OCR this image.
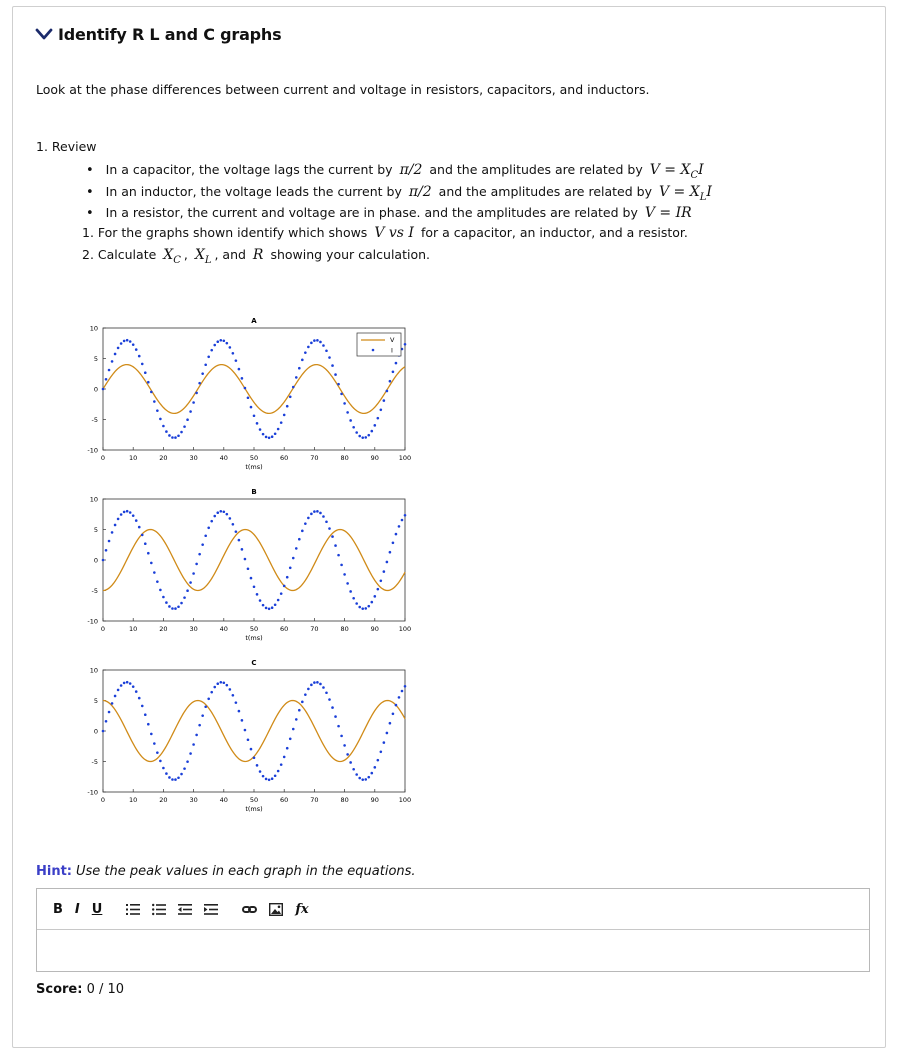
Identify R L and C graphs
Look at the phase differences between current and voltage in resistors, capacitors, and inductors.
1. Review
• In a capacitor, the voltage lags the current by π/2 and the amplitudes are related by $V = X_CI$
• In an inductor, the voltage leads the current by π/2 and the amplitudes are related by $V = X_LI$
• In a resistor, the current and voltage are in phase. and the amplitudes are related by V = IR
1. For the graphs shown identify which shows V vs I for a capacitor, an inductor, and a resistor.
2. Calculate $X_C$ , $X_L$ , and R showing your calculation.
A
0	10	20	30	40	50	60	70	80	90	100
10
5
0
-5
-10
t(ms)
V
I
B
0	10	20	30	40	50	60	70	80	90	100
10
5
0
-5
-10
t(ms)
C
0	10	20	30	40	50	60	70	80	90	100
10
5
0
-5
-10
t(ms)
Hint: Use the peak values in each graph in the equations.
B I U	fx
Score: 0 / 10
